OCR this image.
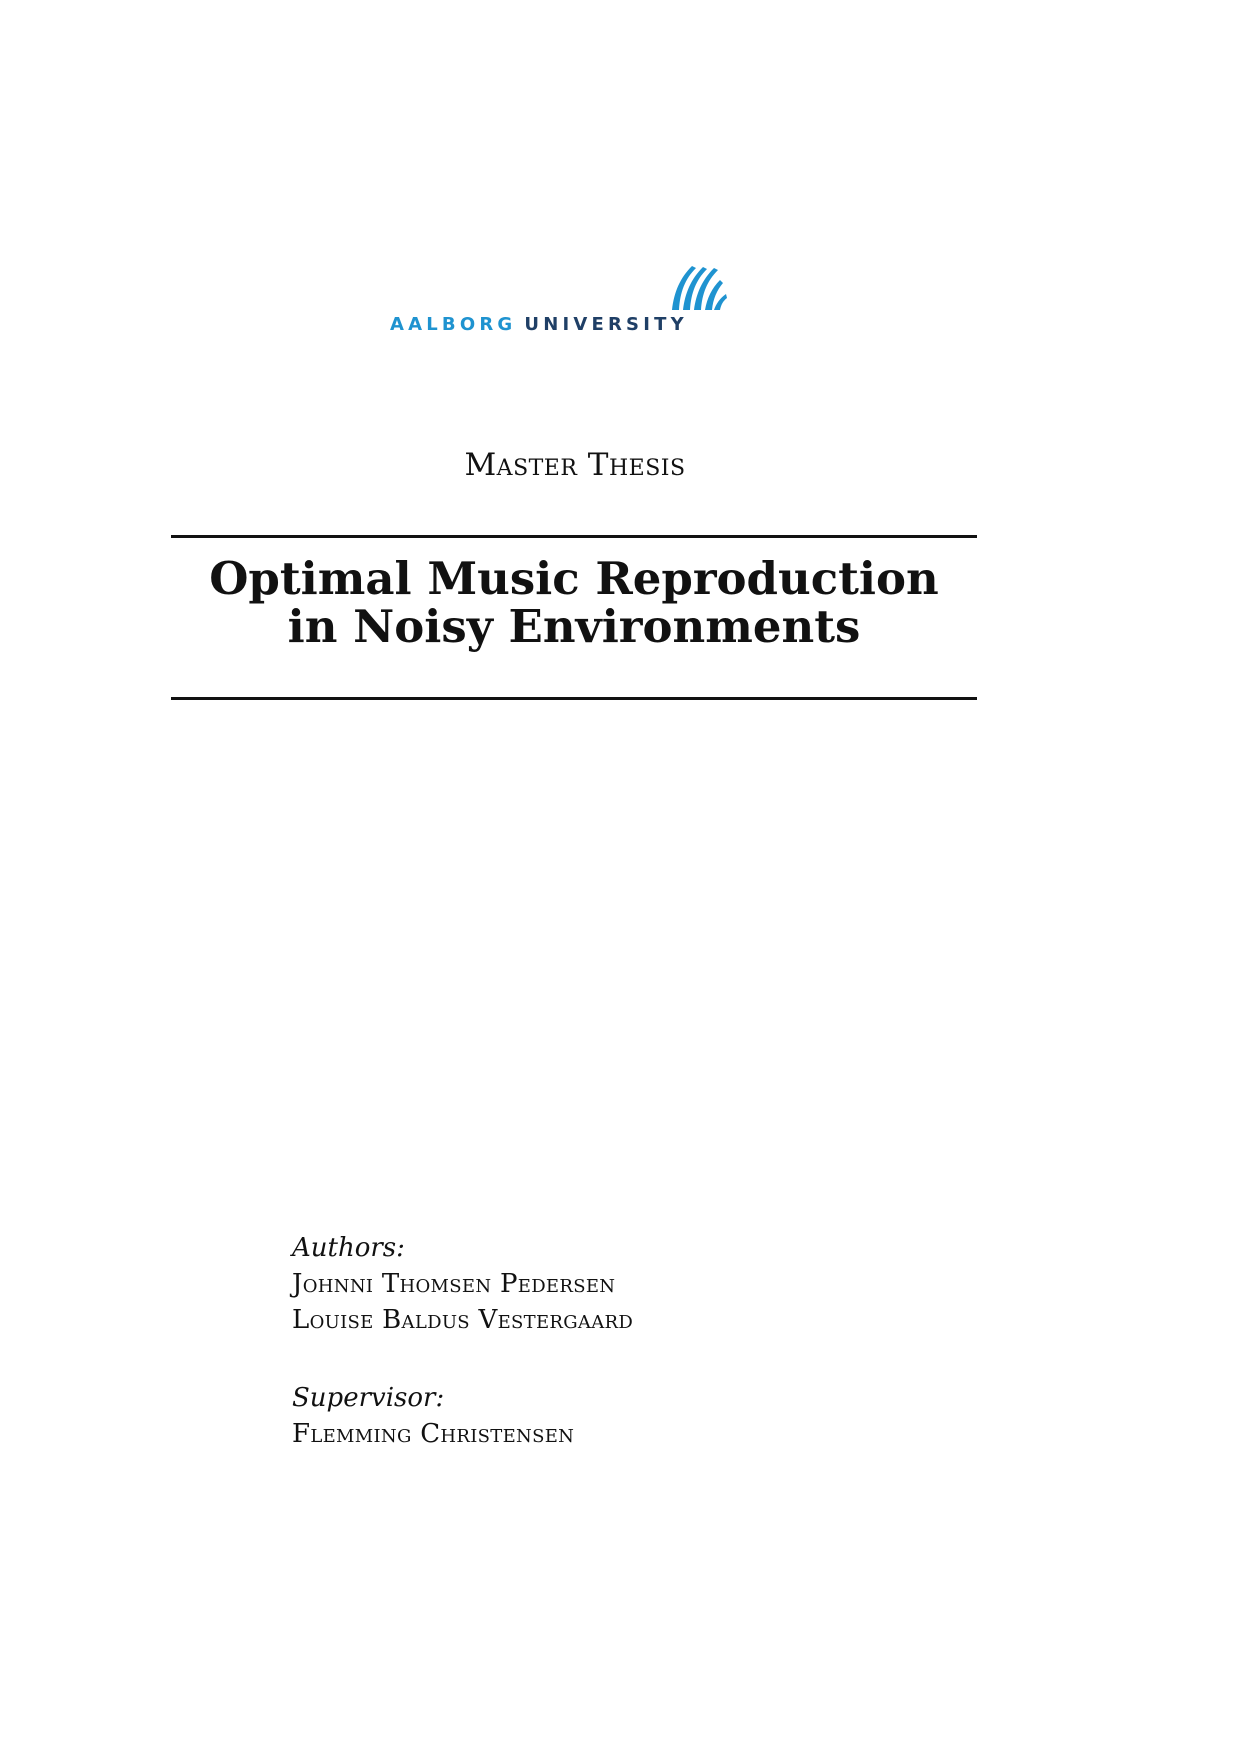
AALBORG UNIVERSITY
Master Thesis
Optimal Music Reproduction
in Noisy Environments
Authors:
Johnni Thomsen Pedersen
Louise Baldus Vestergaard
Supervisor:
Flemming Christensen
